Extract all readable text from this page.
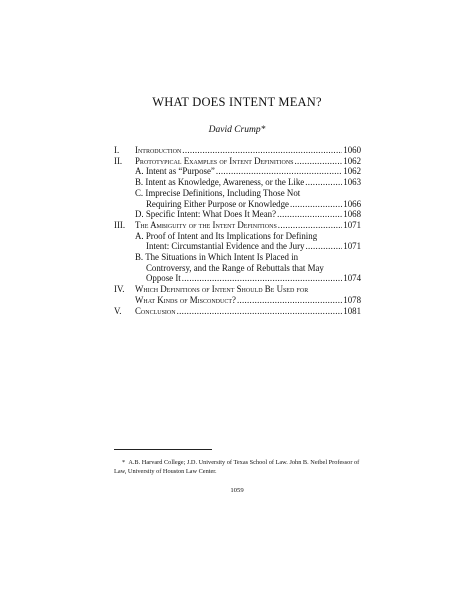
WHAT DOES INTENT MEAN?
David Crump*
I.	Introduction .....	1060
II.	Prototypical Examples of Intent Definitions .....	1062
A. Intent as “Purpose” .....	1062
B. Intent as Knowledge, Awareness, or the Like .....	1063
C. Imprecise Definitions, Including Those Not
Requiring Either Purpose or Knowledge .....	1066
D. Specific Intent: What Does It Mean? .....	1068
III.	The Ambiguity of the Intent Definitions .....	1071
A. Proof of Intent and Its Implications for Defining
Intent: Circumstantial Evidence and the Jury .....	1071
B. The Situations in Which Intent Is Placed in
Controversy, and the Range of Rebuttals that May
Oppose It .....	1074
IV.	Which Definitions of Intent Should Be Used for
What Kinds of Misconduct? .....	1078
V.	Conclusion .....	1081
* A.B. Harvard College; J.D. University of Texas School of Law. John B. Neibel Professor of Law, University of Houston Law Center.
1059
